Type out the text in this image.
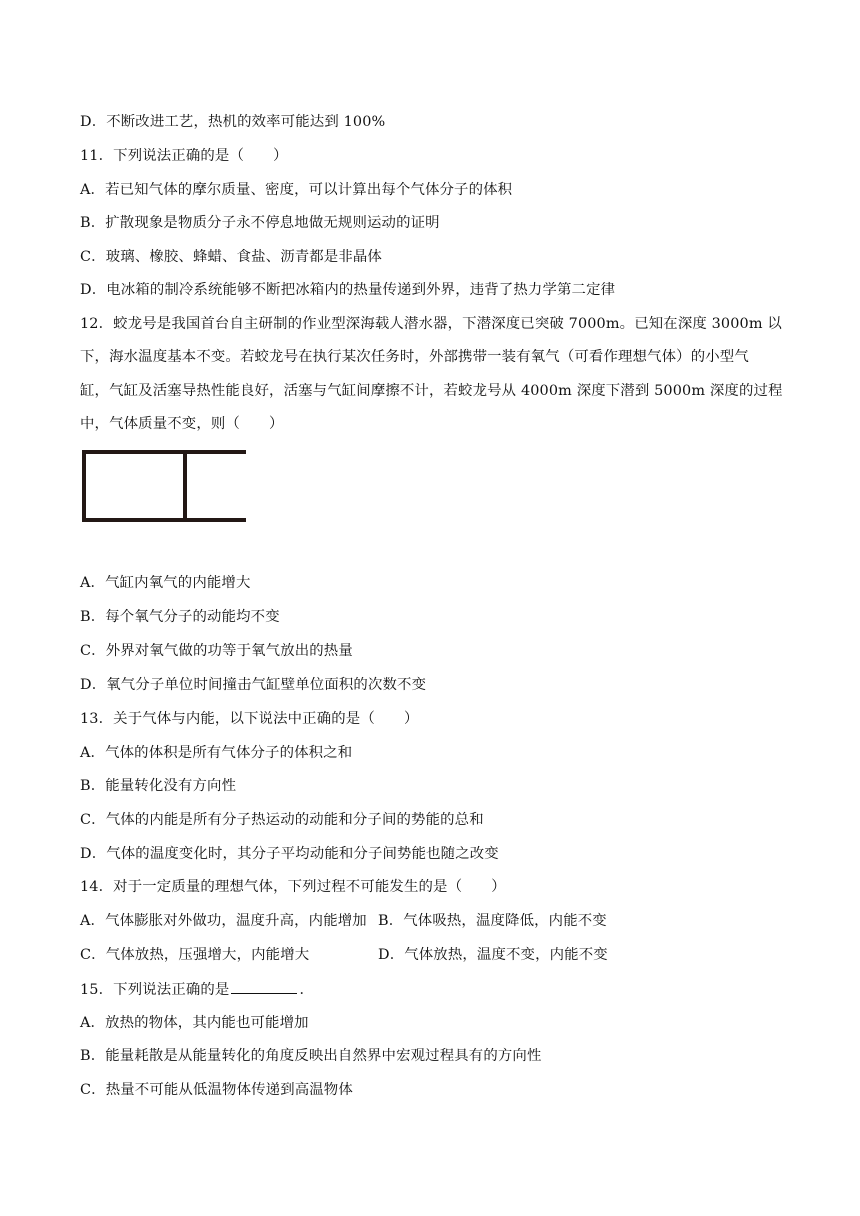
D．不断改进工艺，热机的效率可能达到 100%
11．下列说法正确的是（　　）
A．若已知气体的摩尔质量、密度，可以计算出每个气体分子的体积
B．扩散现象是物质分子永不停息地做无规则运动的证明
C．玻璃、橡胶、蜂蜡、食盐、沥青都是非晶体
D．电冰箱的制冷系统能够不断把冰箱内的热量传递到外界，违背了热力学第二定律
12．蛟龙号是我国首台自主研制的作业型深海载人潜水器，下潜深度已突破 7000m。已知在深度 3000m 以
下，海水温度基本不变。若蛟龙号在执行某次任务时，外部携带一装有氧气（可看作理想气体）的小型气
缸，气缸及活塞导热性能良好，活塞与气缸间摩擦不计，若蛟龙号从 4000m 深度下潜到 5000m 深度的过程
中，气体质量不变，则（　　）
A．气缸内氧气的内能增大
B．每个氧气分子的动能均不变
C．外界对氧气做的功等于氧气放出的热量
D．氧气分子单位时间撞击气缸壁单位面积的次数不变
13．关于气体与内能，以下说法中正确的是（　　）
A．气体的体积是所有气体分子的体积之和
B．能量转化没有方向性
C．气体的内能是所有分子热运动的动能和分子间的势能的总和
D．气体的温度变化时，其分子平均动能和分子间势能也随之改变
14．对于一定质量的理想气体，下列过程不可能发生的是（　　）
A．气体膨胀对外做功，温度升高，内能增加 B．气体吸热，温度降低，内能不变
C．气体放热，压强增大，内能增大	D．气体放热，温度不变，内能不变
15．下列说法正确的是	．
A．放热的物体，其内能也可能增加
B．能量耗散是从能量转化的角度反映出自然界中宏观过程具有的方向性
C．热量不可能从低温物体传递到高温物体
